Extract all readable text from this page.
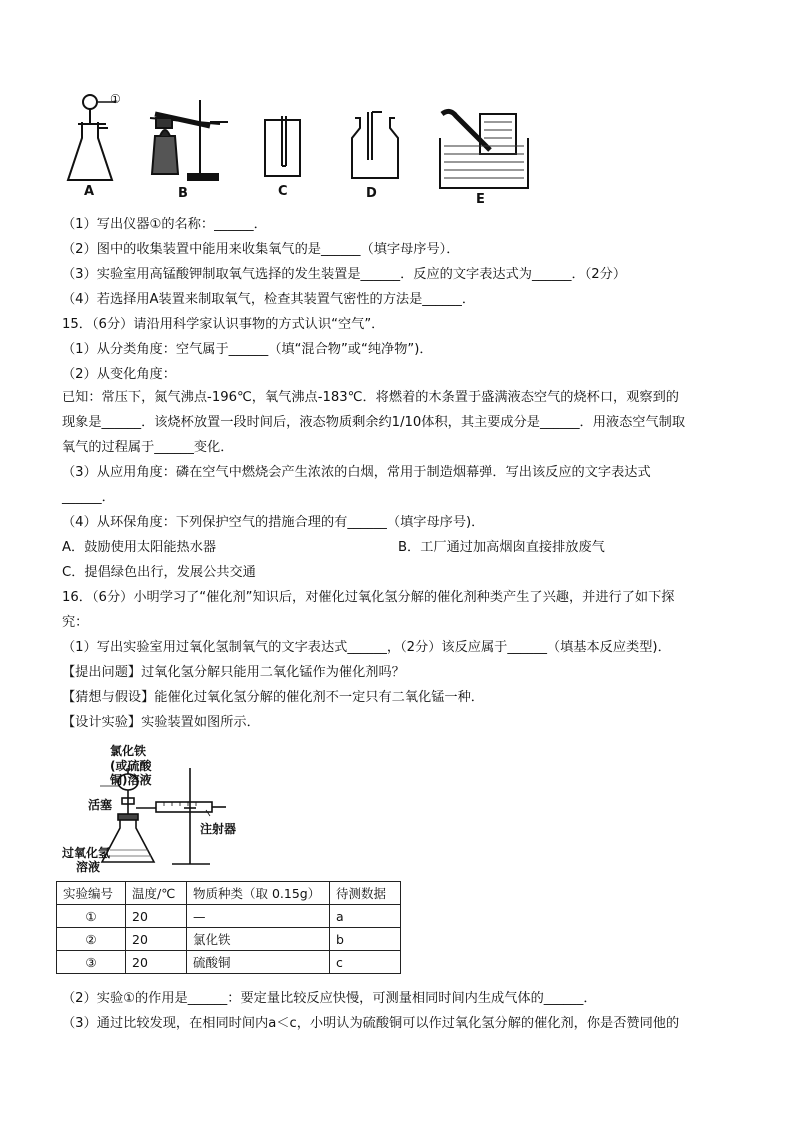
①
A	B	C	D	E
（1）写出仪器①的名称：______．
（2）图中的收集装置中能用来收集氧气的是______（填字母序号）．
（3）实验室用高锰酸钾制取氧气选择的发生装置是______．反应的文字表达式为______．（2分）
（4）若选择用A装置来制取氧气，检查其装置气密性的方法是______．
15．（6分）请沿用科学家认识事物的方式认识“空气”．
（1）从分类角度：空气属于______（填“混合物”或“纯净物”)．
（2）从变化角度：
已知：常压下，氮气沸点-196℃，氧气沸点-183℃．将燃着的木条置于盛满液态空气的烧杯口，观察到的
现象是______．该烧杯放置一段时间后，液态物质剩余约1/10体积，其主要成分是______．用液态空气制取
氧气的过程属于______变化．
（3）从应用角度：磷在空气中燃烧会产生浓浓的白烟，常用于制造烟幕弹．写出该反应的文字表达式
______．
（4）从环保角度：下列保护空气的措施合理的有______（填字母序号)．
A．鼓励使用太阳能热水器	B．工厂通过加高烟囱直接排放废气
C．提倡绿色出行，发展公共交通
16．（6分）小明学习了“催化剂”知识后，对催化过氧化氢分解的催化剂种类产生了兴趣，并进行了如下探
究：
（1）写出实验室用过氧化氢制氧气的文字表达式______，（2分）该反应属于______（填基本反应类型)．
【提出问题】过氧化氢分解只能用二氧化锰作为催化剂吗？
【猜想与假设】能催化过氧化氢分解的催化剂不一定只有二氧化锰一种．
【设计实验】实验装置如图所示．
氯化铁
(或硫酸
铜)溶液
活塞
注射器
过氧化氢
溶液
实验编号	温度/℃	物质种类（取 0.15g）	待测数据
①	20	—	a
②	20	氯化铁	b
③	20	硫酸铜	c
（2）实验①的作用是______：要定量比较反应快慢，可测量相同时间内生成气体的______．
（3）通过比较发现，在相同时间内a＜c，小明认为硫酸铜可以作过氧化氢分解的催化剂，你是否赞同他的
